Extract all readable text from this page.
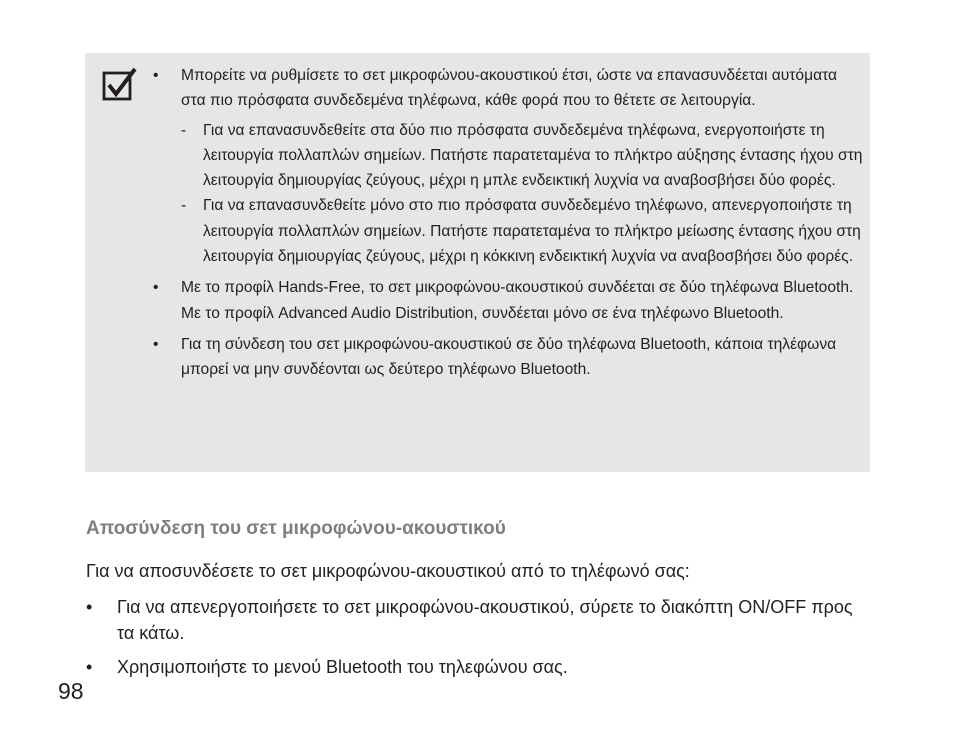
• Μπορείτε να ρυθμίσετε το σετ μικροφώνου-ακουστικού έτσι, ώστε να επανασυνδέεται αυτόματα στα πιο πρόσφατα συνδεδεμένα τηλέφωνα, κάθε φορά που το θέτετε σε λειτουργία.
- Για να επανασυνδεθείτε στα δύο πιο πρόσφατα συνδεδεμένα τηλέφωνα, ενεργοποιήστε τη λειτουργία πολλαπλών σημείων. Πατήστε παρατεταμένα το πλήκτρο αύξησης έντασης ήχου στη λειτουργία δημιουργίας ζεύγους, μέχρι η μπλε ενδεικτική λυχνία να αναβοσβήσει δύο φορές.
- Για να επανασυνδεθείτε μόνο στο πιο πρόσφατα συνδεδεμένο τηλέφωνο, απενεργοποιήστε τη λειτουργία πολλαπλών σημείων. Πατήστε παρατεταμένα το πλήκτρο μείωσης έντασης ήχου στη λειτουργία δημιουργίας ζεύγους, μέχρι η κόκκινη ενδεικτική λυχνία να αναβοσβήσει δύο φορές.
• Με το προφίλ Hands-Free, το σετ μικροφώνου-ακουστικού συνδέεται σε δύο τηλέφωνα Bluetooth. Με το προφίλ Advanced Audio Distribution, συνδέεται μόνο σε ένα τηλέφωνο Bluetooth.
• Για τη σύνδεση του σετ μικροφώνου-ακουστικού σε δύο τηλέφωνα Bluetooth, κάποια τηλέφωνα μπορεί να μην συνδέονται ως δεύτερο τηλέφωνο Bluetooth.
Αποσύνδεση του σετ μικροφώνου-ακουστικού

Για να αποσυνδέσετε το σετ μικροφώνου-ακουστικού από το τηλέφωνό σας:

• Για να απενεργοποιήσετε το σετ μικροφώνου-ακουστικού, σύρετε το διακόπτη ON/OFF προς τα κάτω.
• Χρησιμοποιήστε το μενού Bluetooth του τηλεφώνου σας.
98
